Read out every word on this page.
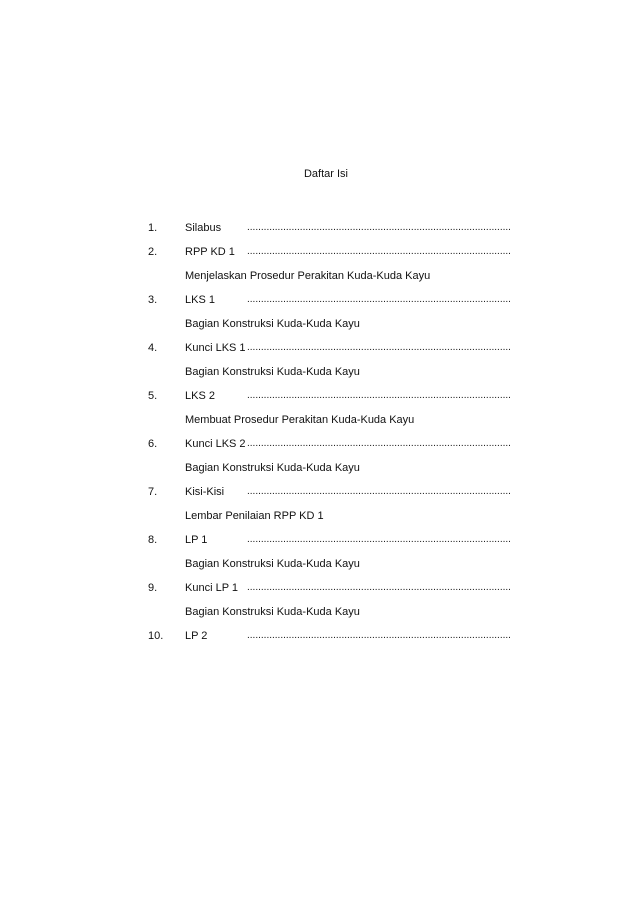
Daftar Isi
1.	Silabus	...............................................................................................
2.	RPP KD 1 ...............................................................................................
Menjelaskan Prosedur Perakitan Kuda-Kuda Kayu
3.	LKS 1	...............................................................................................
Bagian Konstruksi Kuda-Kuda Kayu
4.	Kunci LKS 1 ...............................................................................................
Bagian Konstruksi Kuda-Kuda Kayu
5.	LKS 2	...............................................................................................
Membuat Prosedur Perakitan Kuda-Kuda Kayu
6.	Kunci LKS 2 ...............................................................................................
Bagian Konstruksi Kuda-Kuda Kayu
7.	Kisi-Kisi ...............................................................................................
Lembar Penilaian RPP KD 1
8.	LP 1	...............................................................................................
Bagian Konstruksi Kuda-Kuda Kayu
9.	Kunci LP 1 ...............................................................................................
Bagian Konstruksi Kuda-Kuda Kayu
10. LP 2	...............................................................................................
